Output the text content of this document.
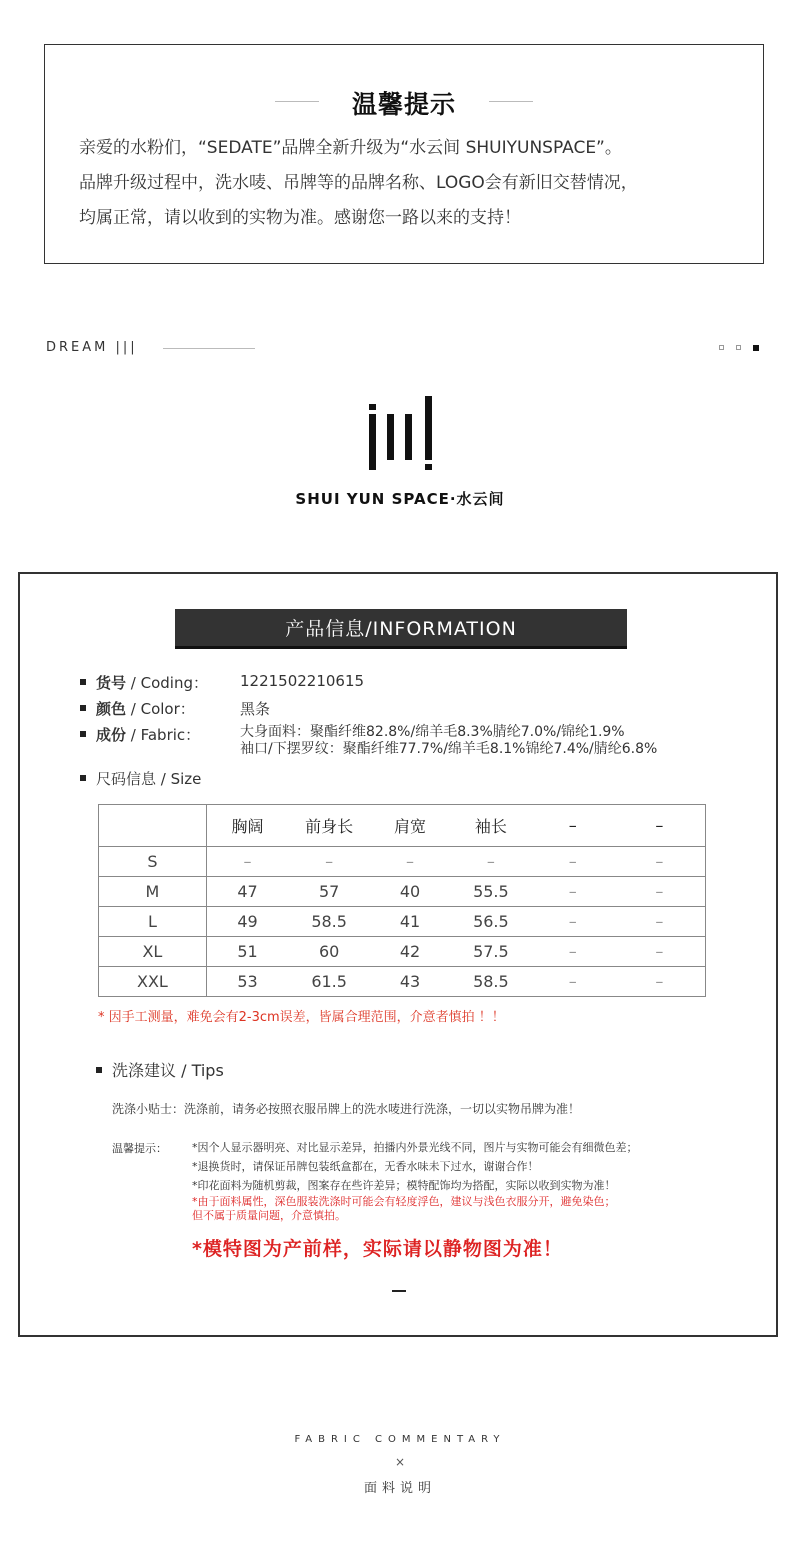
温馨提示
亲爱的水粉们，“SEDATE”品牌全新升级为“水云间 SHUIYUNSPACE”。
品牌升级过程中，洗水唛、吊牌等的品牌名称、LOGO会有新旧交替情况，
均属正常，请以收到的实物为准。感谢您一路以来的支持！
DREAM |||
SHUI YUN SPACE·水云间
产品信息/INFORMATION
货号 / Coding： 1221502210615
颜色 / Color：	黑条
成份 / Fabric：	大身面料：聚酯纤维82.8%/绵羊毛8.3%腈纶7.0%/锦纶1.9%
袖口/下摆罗纹：聚酯纤维77.7%/绵羊毛8.1%锦纶7.4%/腈纶6.8%
尺码信息 / Size
	胸阔	前身长	肩宽	袖长	–	–
S	–	–	–	–	–	–
M	47	57	40	55.5	–	–
L	49	58.5	41	56.5	–	–
XL	51	60	42	57.5	–	–
XXL	53	61.5	43	58.5	–	–
* 因手工测量，难免会有2-3cm误差，皆属合理范围，介意者慎拍 ！！
洗涤建议 / Tips
洗涤小贴士：洗涤前，请务必按照衣服吊牌上的洗水唛进行洗涤，一切以实物吊牌为准！
温馨提示： *因个人显示器明亮、对比显示差异，拍播内外景光线不同，图片与实物可能会有细微色差；
*退换货时，请保证吊牌包装纸盒都在，无香水味未下过水，谢谢合作！
*印花面料为随机剪裁，图案存在些许差异；模特配饰均为搭配，实际以收到实物为准！
*由于面料属性，深色服装洗涤时可能会有轻度浮色，建议与浅色衣服分开，避免染色；
但不属于质量问题，介意慎拍。
*模特图为产前样，实际请以静物图为准！
FABRIC COMMENTARY
×
面料说明
